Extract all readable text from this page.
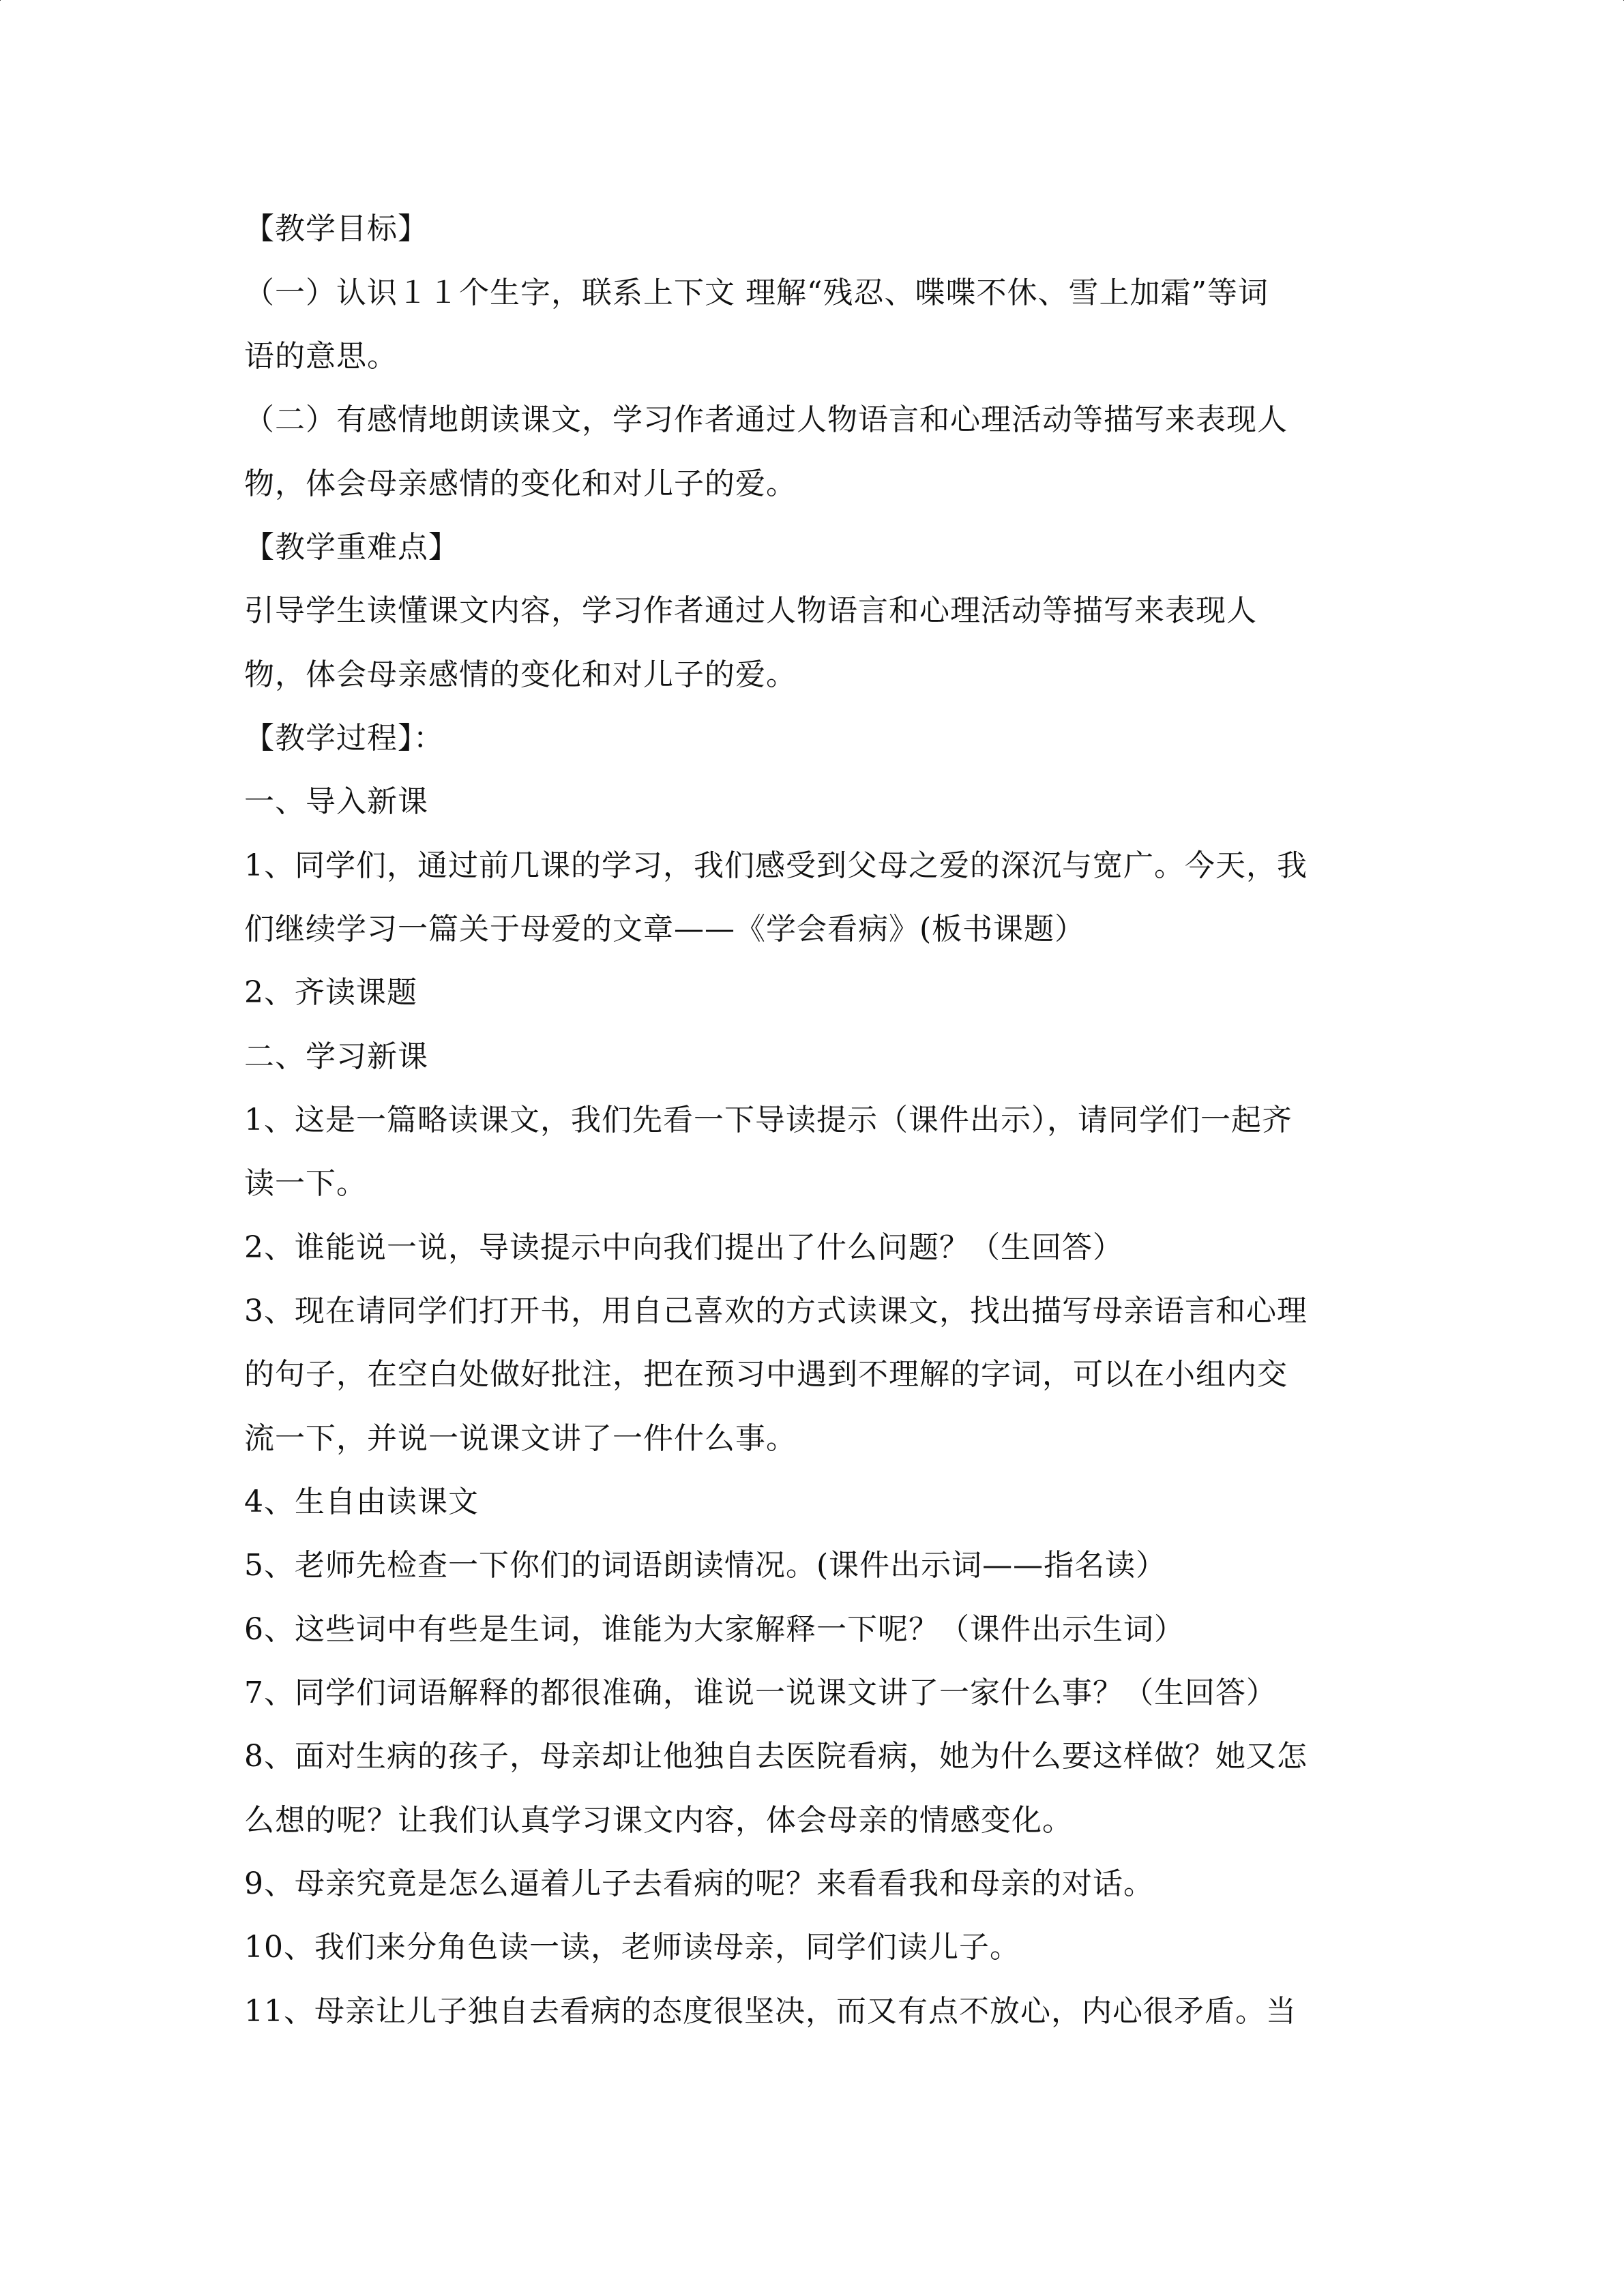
【教学目标】
（一）认识１１个生字，联系上下文 理解“残忍、喋喋不休、雪上加霜”等词
语的意思。
（二）有感情地朗读课文，学习作者通过人物语言和心理活动等描写来表现人
物，体会母亲感情的变化和对儿子的爱。
【教学重难点】
引导学生读懂课文内容，学习作者通过人物语言和心理活动等描写来表现人
物，体会母亲感情的变化和对儿子的爱。
【教学过程】：
一、导入新课
1、同学们，通过前几课的学习，我们感受到父母之爱的深沉与宽广。今天，我
们继续学习一篇关于母爱的文章——《学会看病》(板书课题）
2、齐读课题
二、学习新课
1、这是一篇略读课文，我们先看一下导读提示（课件出示），请同学们一起齐
读一下。
2、谁能说一说，导读提示中向我们提出了什么问题？（生回答）
3、现在请同学们打开书，用自己喜欢的方式读课文，找出描写母亲语言和心理
的句子，在空白处做好批注，把在预习中遇到不理解的字词，可以在小组内交
流一下，并说一说课文讲了一件什么事。
4、生自由读课文
5、老师先检查一下你们的词语朗读情况。(课件出示词——指名读）
6、这些词中有些是生词，谁能为大家解释一下呢？（课件出示生词）
7、同学们词语解释的都很准确，谁说一说课文讲了一家什么事？（生回答）
8、面对生病的孩子，母亲却让他独自去医院看病，她为什么要这样做？她又怎
么想的呢？让我们认真学习课文内容，体会母亲的情感变化。
9、母亲究竟是怎么逼着儿子去看病的呢？来看看我和母亲的对话。
10、我们来分角色读一读，老师读母亲，同学们读儿子。
11、母亲让儿子独自去看病的态度很坚决，而又有点不放心，内心很矛盾。当
